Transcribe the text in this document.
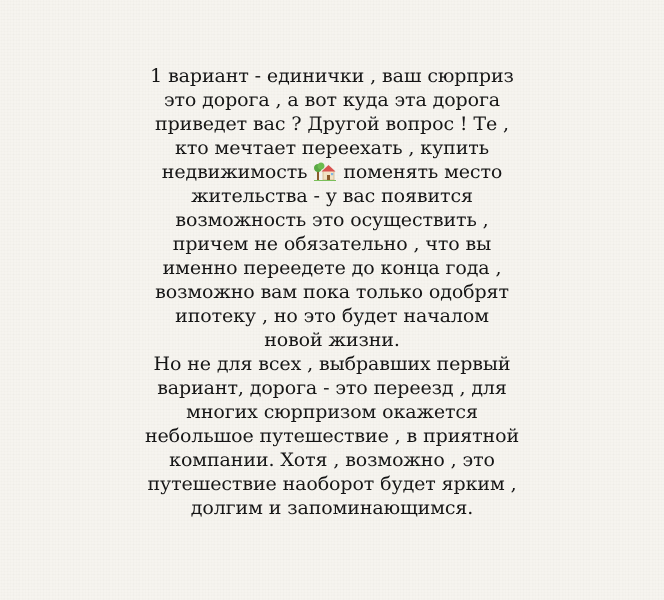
1 вариант - единички , ваш сюрприз
это дорога , а вот куда эта дорога
приведет вас ? Другой вопрос ! Те ,
кто мечтает переехать , купить
недвижимость поменять место
жительства - у вас появится
возможность это осуществить ,
причем не обязательно , что вы
именно переедете до конца года ,
возможно вам пока только одобрят
ипотеку , но это будет началом
новой жизни.
Но не для всех , выбравших первый
вариант, дорога - это переезд , для
многих сюрпризом окажется
небольшое путешествие , в приятной
компании. Хотя , возможно , это
путешествие наоборот будет ярким ,
долгим и запоминающимся.
